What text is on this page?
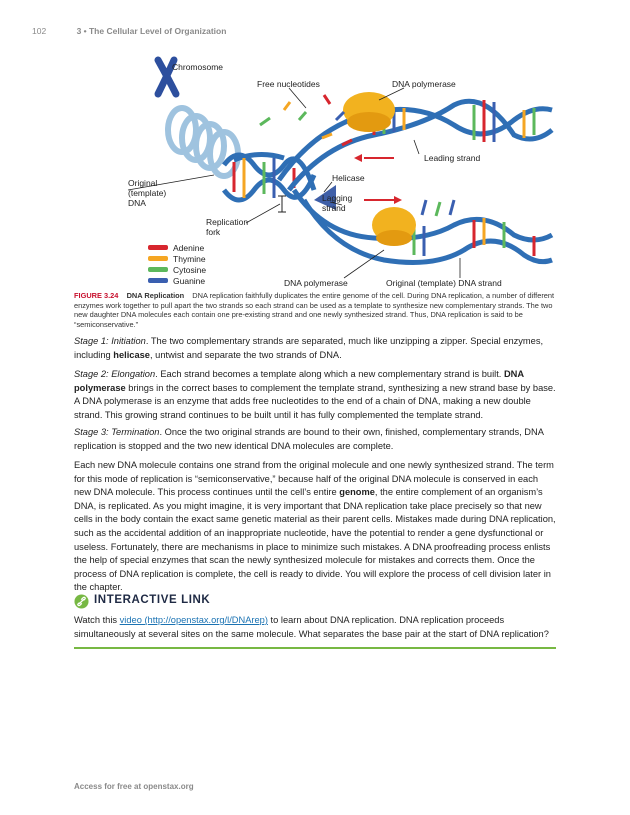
102	3 • The Cellular Level of Organization
Chromosome
Free nucleotides	DNA polymerase
Leading strand
Original
(template)
DNA
Helicase
Lagging
strand
Replication
fork
DNA polymerase	Original (template) DNA strand
Adenine
Thymine
Cytosine
Guanine
FIGURE 3.24 DNA Replication DNA replication faithfully duplicates the entire genome of the cell. During DNA replication, a number of different enzymes work together to pull apart the two strands so each strand can be used as a template to synthesize new complementary strands. The two new daughter DNA molecules each contain one pre-existing strand and one newly synthesized strand. Thus, DNA replication is said to be “semiconservative.”

Stage 1: Initiation. The two complementary strands are separated, much like unzipping a zipper. Special enzymes, including helicase, untwist and separate the two strands of DNA.

Stage 2: Elongation. Each strand becomes a template along which a new complementary strand is built. DNA polymerase brings in the correct bases to complement the template strand, synthesizing a new strand base by base. A DNA polymerase is an enzyme that adds free nucleotides to the end of a chain of DNA, making a new double strand. This growing strand continues to be built until it has fully complemented the template strand.

Stage 3: Termination. Once the two original strands are bound to their own, finished, complementary strands, DNA replication is stopped and the two new identical DNA molecules are complete.

Each new DNA molecule contains one strand from the original molecule and one newly synthesized strand. The term for this mode of replication is “semiconservative,” because half of the original DNA molecule is conserved in each new DNA molecule. This process continues until the cell’s entire genome, the entire complement of an organism’s DNA, is replicated. As you might imagine, it is very important that DNA replication take place precisely so that new cells in the body contain the exact same genetic material as their parent cells. Mistakes made during DNA replication, such as the accidental addition of an inappropriate nucleotide, have the potential to render a gene dysfunctional or useless. Fortunately, there are mechanisms in place to minimize such mistakes. A DNA proofreading process enlists the help of special enzymes that scan the newly synthesized molecule for mistakes and corrects them. Once the process of DNA replication is complete, the cell is ready to divide. You will explore the process of cell division later in the chapter.

INTERACTIVE LINK

Watch this video (http://openstax.org/l/DNArep) to learn about DNA replication. DNA replication proceeds simultaneously at several sites on the same molecule. What separates the base pair at the start of DNA replication?

Access for free at openstax.org
